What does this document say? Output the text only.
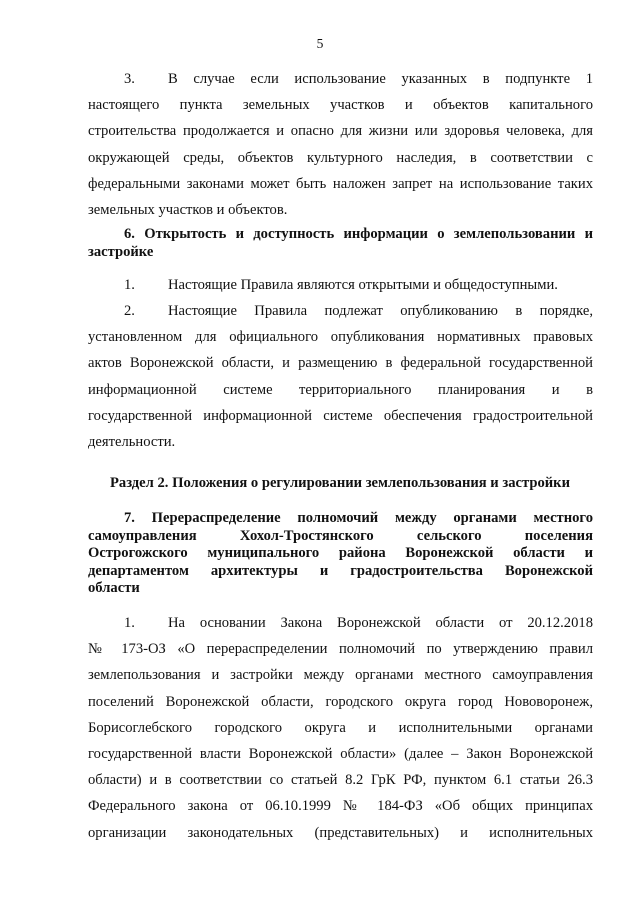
5
3. В случае если использование указанных в подпункте 1
настоящего пункта земельных участков и объектов капитального
строительства продолжается и опасно для жизни или здоровья человека, для
окружающей среды, объектов культурного наследия, в соответствии с
федеральными законами может быть наложен запрет на использование таких
земельных участков и объектов.
6. Открытость и доступность информации о землепользовании и
застройке
1. Настоящие Правила являются открытыми и общедоступными.
2. Настоящие Правила подлежат опубликованию в порядке,
установленном для официального опубликования нормативных правовых
актов Воронежской области, и размещению в федеральной государственной
информационной системе территориального планирования и в
государственной информационной системе обеспечения градостроительной
деятельности.
Раздел 2. Положения о регулировании землепользования и застройки
7. Перераспределение полномочий между органами местного
самоуправления Хохол-Тростянского сельского поселения
Острогожского муниципального района Воронежской области и
департаментом архитектуры и градостроительства Воронежской
области
1. На основании Закона Воронежской области от 20.12.2018
№ 173-ОЗ «О перераспределении полномочий по утверждению правил
землепользования и застройки между органами местного самоуправления
поселений Воронежской области, городского округа город Нововоронеж,
Борисоглебского городского округа и исполнительными органами
государственной власти Воронежской области» (далее – Закон Воронежской
области) и в соответствии со статьей 8.2 ГрК РФ, пунктом 6.1 статьи 26.3
Федерального закона от 06.10.1999 № 184-ФЗ «Об общих принципах
организации законодательных (представительных) и исполнительных
